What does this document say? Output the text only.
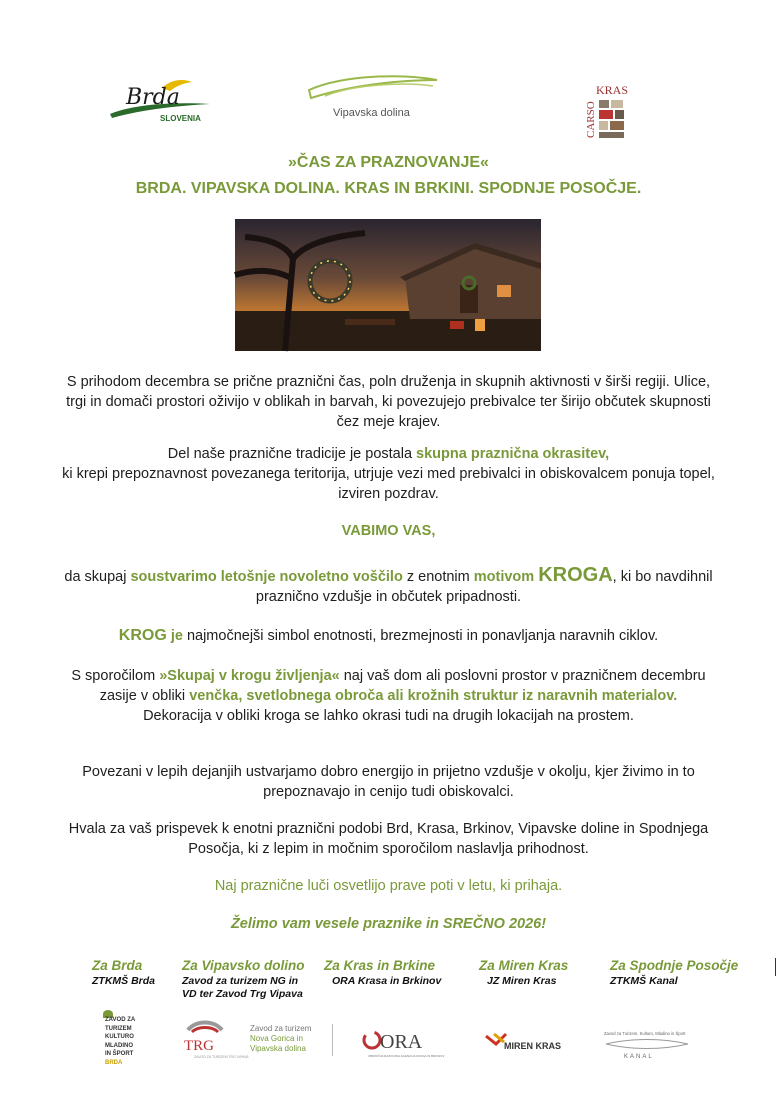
Brda
SLOVENIA	Vipavska dolina
KRAS
CARSO
»ČAS ZA PRAZNOVANJE«
BRDA. VIPAVSKA DOLINA. KRAS IN BRKINI. SPODNJE POSOČJE.
S prihodom decembra se prične praznični čas, poln druženja in skupnih aktivnosti v širši regiji. Ulice, trgi in domači prostori oživijo v oblikah in barvah, ki povezujejo prebivalce ter širijo občutek skupnosti čez meje krajev.
Del naše praznične tradicije je postala skupna praznična okrasitev,
ki krepi prepoznavnost povezanega teritorija, utrjuje vezi med prebivalci in obiskovalcem ponuja topel, izviren pozdrav.
VABIMO VAS,
da skupaj soustvarimo letošnje novoletno voščilo z enotnim motivom KROGA, ki bo navdihnil praznično vzdušje in občutek pripadnosti.
KROG je najmočnejši simbol enotnosti, brezmejnosti in ponavljanja naravnih ciklov.
S sporočilom »Skupaj v krogu življenja« naj vaš dom ali poslovni prostor v prazničnem decembru zasije v obliki venčka, svetlobnega obroča ali krožnih struktur iz naravnih materialov.
Dekoracija v obliki kroga se lahko okrasi tudi na drugih lokacijah na prostem.
Povezani v lepih dejanjih ustvarjamo dobro energijo in prijetno vzdušje v okolju, kjer živimo in to prepoznavajo in cenijo tudi obiskovalci.
Hvala za vaš prispevek k enotni praznični podobi Brd, Krasa, Brkinov, Vipavske doline in Spodnjega Posočja, ki z lepim in močnim sporočilom naslavlja prihodnost.
Naj praznične luči osvetlijo prave poti v letu, ki prihaja.
Želimo vam vesele praznike in SREČNO 2026!
Za Brda
ZTKMŠ Brda
Za Vipavsko dolino
Zavod za turizem NG in VD ter Zavod Trg Vipava
Za Kras in Brkine
ORA Krasa in Brkinov
Za Miren Kras
JZ Miren Kras
Za Spodnje Posočje
ZTKMŠ Kanal
ZAVOD ZA
TURIZEM
KULTURO
MLADINO
IN ŠPORT
BRDA
TRG
ZAVOD ZA TURIZEM TRG VIPAVA
Zavod za turizem
Nova Gorica in
Vipavska dolina	ORA
OBMOČNA RAZVOJNA AGENCIJA KRASA IN BRKINOV
MIREN KRAS
Zavod za Turizem, Kulturo, Mladino in Šport
KANAL
